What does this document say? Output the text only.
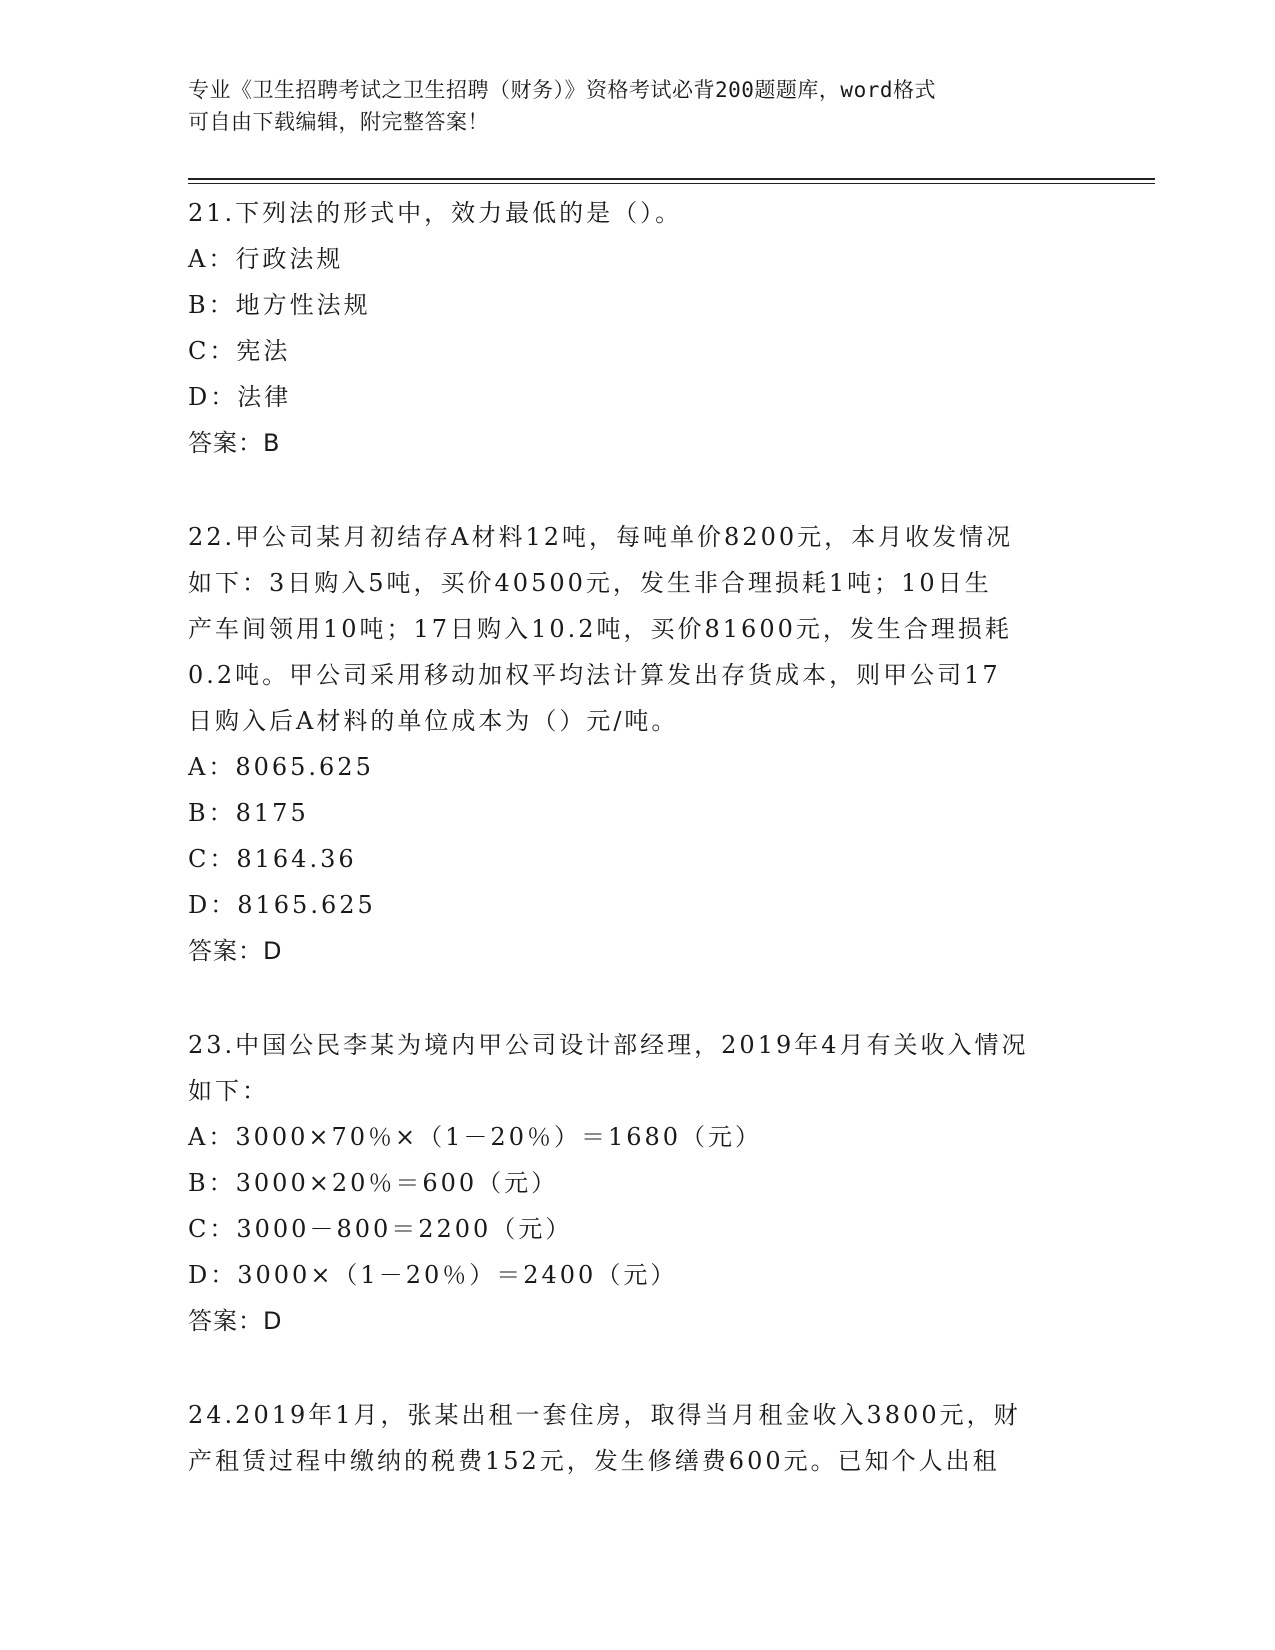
专业《卫生招聘考试之卫生招聘（财务）》资格考试必背200题题库，word格式
可自由下载编辑，附完整答案！
21.下列法的形式中，效力最低的是（）。
A：行政法规
B：地方性法规
C：宪法
D：法律
答案：B
22.甲公司某月初结存A材料12吨，每吨单价8200元，本月收发情况
如下：3日购入5吨，买价40500元，发生非合理损耗1吨；10日生
产车间领用10吨；17日购入10.2吨，买价81600元，发生合理损耗
0.2吨。甲公司采用移动加权平均法计算发出存货成本，则甲公司17
日购入后A材料的单位成本为（）元/吨。
A：8065.625
B：8175
C：8164.36
D：8165.625
答案：D
23.中国公民李某为境内甲公司设计部经理，2019年4月有关收入情况
如下：
A：3000×70％×（1－20％）＝1680（元）
B：3000×20％＝600（元）
C：3000－800＝2200（元）
D：3000×（1－20％）＝2400（元）
答案：D
24.2019年1月，张某出租一套住房，取得当月租金收入3800元，财
产租赁过程中缴纳的税费152元，发生修缮费600元。已知个人出租
